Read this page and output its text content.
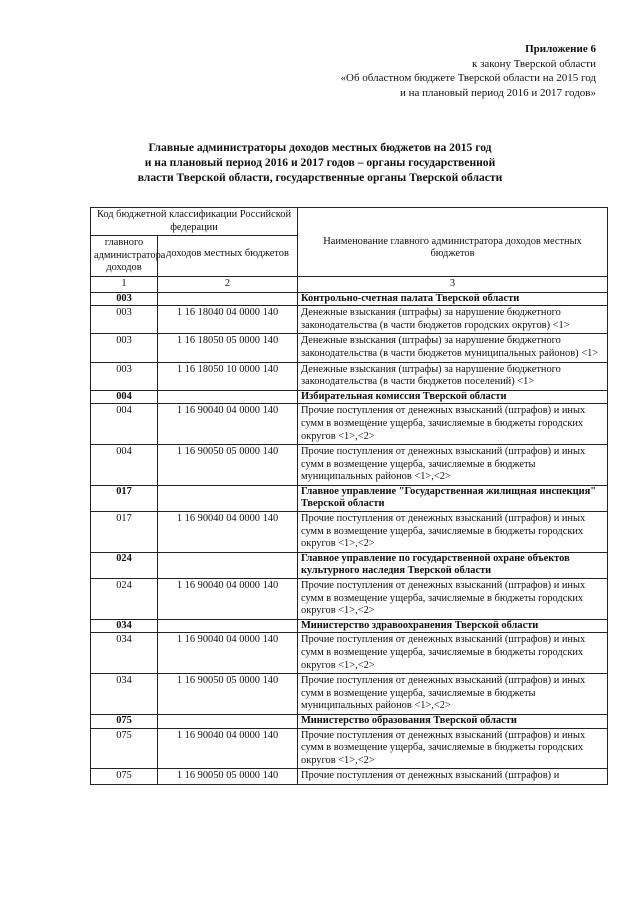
Приложение 6
к закону Тверской области
«Об областном бюджете Тверской области на 2015 год
и на плановый период 2016 и 2017 годов»
Главные администраторы доходов местных бюджетов на 2015 год
и на плановый период 2016 и 2017 годов – органы государственной
власти Тверской области, государственные органы Тверской области
Код бюджетной классификации Российской федерации		Наименование главного администратора доходов местных бюджетов
главного администратора доходов	доходов местных бюджетов	
1	2	3
003		Контрольно-счетная палата Тверской области
003	1 16 18040 04 0000 140	Денежные взыскания (штрафы) за нарушение бюджетного законодательства (в части бюджетов городских округов) <1>
003	1 16 18050 05 0000 140	Денежные взыскания (штрафы) за нарушение бюджетного законодательства (в части бюджетов муниципальных районов) <1>
003	1 16 18050 10 0000 140	Денежные взыскания (штрафы) за нарушение бюджетного законодательства (в части бюджетов поселений) <1>
004		Избирательная комиссия Тверской области
004	1 16 90040 04 0000 140	Прочие поступления от денежных взысканий (штрафов) и иных сумм в возмещение ущерба, зачисляемые в бюджеты городских округов <1>,<2>
004	1 16 90050 05 0000 140	Прочие поступления от денежных взысканий (штрафов) и иных сумм в возмещение ущерба, зачисляемые в бюджеты муниципальных районов <1>,<2>
017		Главное управление "Государственная жилищная инспекция" Тверской области
017	1 16 90040 04 0000 140	Прочие поступления от денежных взысканий (штрафов) и иных сумм в возмещение ущерба, зачисляемые в бюджеты городских округов <1>,<2>
024		Главное управление по государственной охране объектов культурного наследия Тверской области
024	1 16 90040 04 0000 140	Прочие поступления от денежных взысканий (штрафов) и иных сумм в возмещение ущерба, зачисляемые в бюджеты городских округов <1>,<2>
034		Министерство здравоохранения Тверской области
034	1 16 90040 04 0000 140	Прочие поступления от денежных взысканий (штрафов) и иных сумм в возмещение ущерба, зачисляемые в бюджеты городских округов <1>,<2>
034	1 16 90050 05 0000 140	Прочие поступления от денежных взысканий (штрафов) и иных сумм в возмещение ущерба, зачисляемые в бюджеты муниципальных районов <1>,<2>
075		Министерство образования Тверской области
075	1 16 90040 04 0000 140	Прочие поступления от денежных взысканий (штрафов) и иных сумм в возмещение ущерба, зачисляемые в бюджеты городских округов <1>,<2>
075	1 16 90050 05 0000 140	Прочие поступления от денежных взысканий (штрафов) и
